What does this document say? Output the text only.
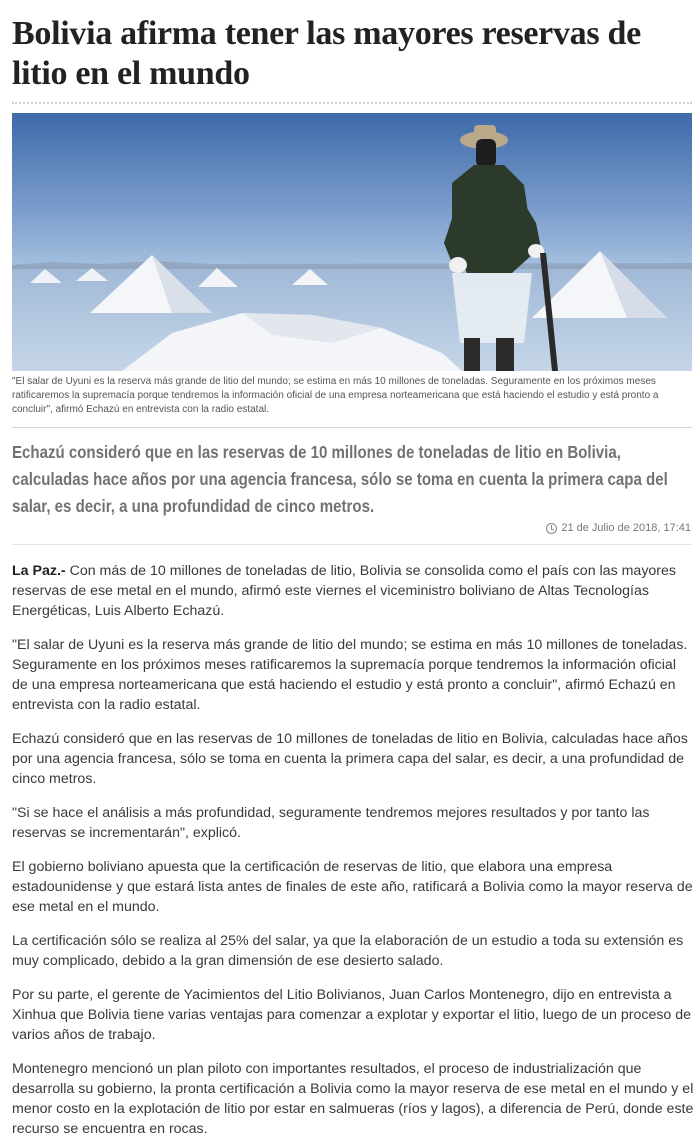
Bolivia afirma tener las mayores reservas de litio en el mundo

"El salar de Uyuni es la reserva más grande de litio del mundo; se estima en más 10 millones de toneladas. Seguramente en los próximos meses ratificaremos la supremacía porque tendremos la información oficial de una empresa norteamericana que está haciendo el estudio y está pronto a concluir", afirmó Echazú en entrevista con la radio estatal.

Echazú consideró que en las reservas de 10 millones de toneladas de litio en Bolivia, calculadas hace años por una agencia francesa, sólo se toma en cuenta la primera capa del salar, es decir, a una profundidad de cinco metros.
21 de Julio de 2018, 17:41

La Paz.- Con más de 10 millones de toneladas de litio, Bolivia se consolida como el país con las mayores reservas de ese metal en el mundo, afirmó este viernes el viceministro boliviano de Altas Tecnologías Energéticas, Luis Alberto Echazú.

"El salar de Uyuni es la reserva más grande de litio del mundo; se estima en más 10 millones de toneladas. Seguramente en los próximos meses ratificaremos la supremacía porque tendremos la información oficial de una empresa norteamericana que está haciendo el estudio y está pronto a concluir", afirmó Echazú en entrevista con la radio estatal.

Echazú consideró que en las reservas de 10 millones de toneladas de litio en Bolivia, calculadas hace años por una agencia francesa, sólo se toma en cuenta la primera capa del salar, es decir, a una profundidad de cinco metros.

"Si se hace el análisis a más profundidad, seguramente tendremos mejores resultados y por tanto las reservas se incrementarán", explicó.

El gobierno boliviano apuesta que la certificación de reservas de litio, que elabora una empresa estadounidense y que estará lista antes de finales de este año, ratificará a Bolivia como la mayor reserva de ese metal en el mundo.

La certificación sólo se realiza al 25% del salar, ya que la elaboración de un estudio a toda su extensión es muy complicado, debido a la gran dimensión de ese desierto salado.

Por su parte, el gerente de Yacimientos del Litio Bolivianos, Juan Carlos Montenegro, dijo en entrevista a Xinhua que Bolivia tiene varias ventajas para comenzar a explotar y exportar el litio, luego de un proceso de varios años de trabajo.

Montenegro mencionó un plan piloto con importantes resultados, el proceso de industrialización que desarrolla su gobierno, la pronta certificación a Bolivia como la mayor reserva de ese metal en el mundo y el menor costo en la explotación de litio por estar en salmueras (ríos y lagos), a diferencia de Perú, donde este recurso se encuentra en rocas.
